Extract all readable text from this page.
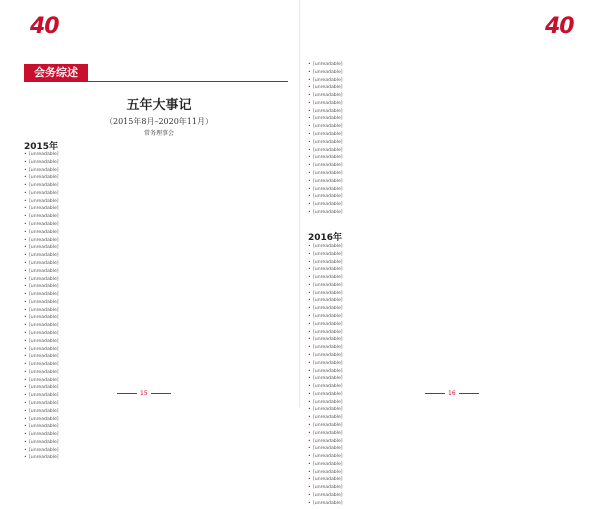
40	40
会务综述
五年大事记
（2015年8月–2020年11月）
常务理事会
2015年
• [unreadable]
• [unreadable]
• [unreadable]
• [unreadable]
• [unreadable]
• [unreadable]
• [unreadable]
• [unreadable]
• [unreadable]
• [unreadable]
• [unreadable]
• [unreadable]
• [unreadable]
• [unreadable]
• [unreadable]
• [unreadable]
• [unreadable]
• [unreadable]
• [unreadable]
• [unreadable]
• [unreadable]
• [unreadable]
• [unreadable]
• [unreadable]
• [unreadable]
• [unreadable]
• [unreadable]
• [unreadable]
• [unreadable]
• [unreadable]
• [unreadable]
• [unreadable]
• [unreadable]
• [unreadable]
• [unreadable]
• [unreadable]
• [unreadable]
• [unreadable]
• [unreadable]
• [unreadable]
15
• [unreadable]
• [unreadable]
• [unreadable]
• [unreadable]
• [unreadable]
• [unreadable]
• [unreadable]
• [unreadable]
• [unreadable]
• [unreadable]
• [unreadable]
• [unreadable]
• [unreadable]
• [unreadable]
• [unreadable]
• [unreadable]
• [unreadable]
• [unreadable]
• [unreadable]
• [unreadable]
2016年
• [unreadable]
• [unreadable]
• [unreadable]
• [unreadable]
• [unreadable]
• [unreadable]
• [unreadable]
• [unreadable]
• [unreadable]
• [unreadable]
• [unreadable]
• [unreadable]
• [unreadable]
• [unreadable]
• [unreadable]
• [unreadable]
• [unreadable]
• [unreadable]
• [unreadable]
• [unreadable]
• [unreadable]
• [unreadable]
• [unreadable]
• [unreadable]
• [unreadable]
• [unreadable]
• [unreadable]
• [unreadable]
• [unreadable]
• [unreadable]
• [unreadable]
• [unreadable]
• [unreadable]
• [unreadable]
16
